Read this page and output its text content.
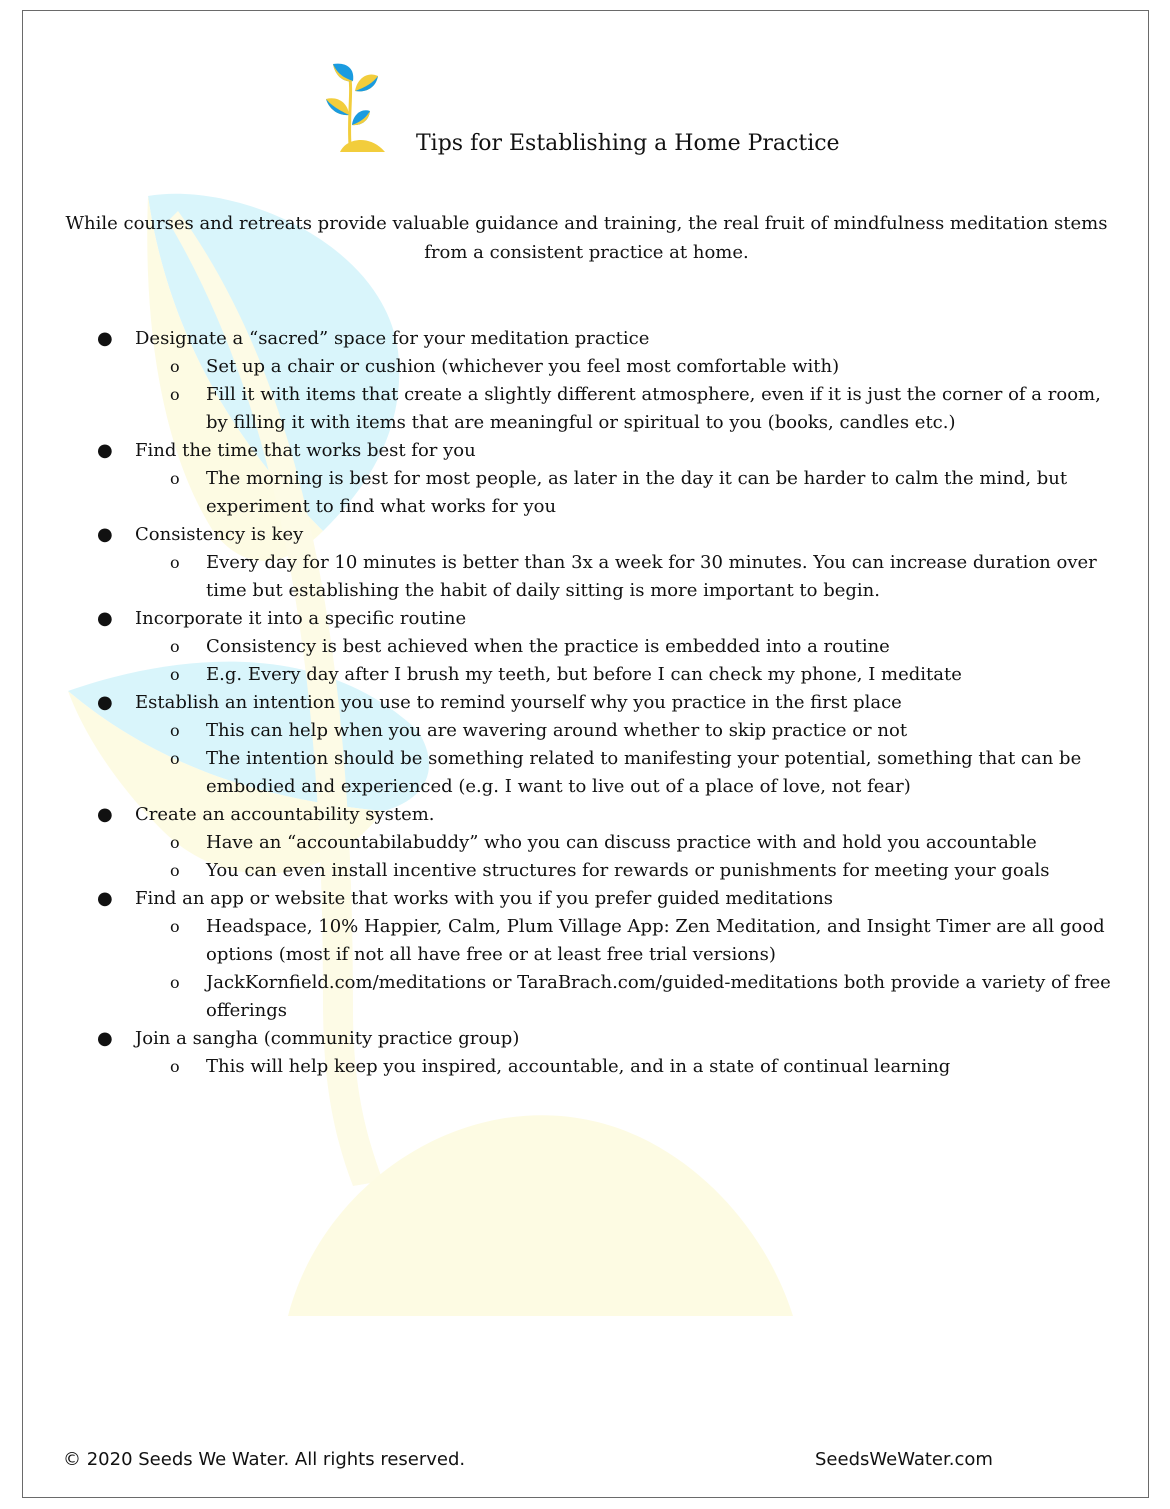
Tips for Establishing a Home Practice
While courses and retreats provide valuable guidance and training, the real fruit of mindfulness meditation stems from a consistent practice at home.
● Designate a “sacred” space for your meditation practice
o Set up a chair or cushion (whichever you feel most comfortable with)
o Fill it with items that create a slightly different atmosphere, even if it is just the corner of a room, by filling it with items that are meaningful or spiritual to you (books, candles etc.)
● Find the time that works best for you
o The morning is best for most people, as later in the day it can be harder to calm the mind, but experiment to find what works for you
● Consistency is key
o Every day for 10 minutes is better than 3x a week for 30 minutes. You can increase duration over time but establishing the habit of daily sitting is more important to begin.
● Incorporate it into a specific routine
o Consistency is best achieved when the practice is embedded into a routine
o E.g. Every day after I brush my teeth, but before I can check my phone, I meditate
● Establish an intention you use to remind yourself why you practice in the first place
o This can help when you are wavering around whether to skip practice or not
o The intention should be something related to manifesting your potential, something that can be embodied and experienced (e.g. I want to live out of a place of love, not fear)
● Create an accountability system.
o Have an “accountabilabuddy” who you can discuss practice with and hold you accountable
o You can even install incentive structures for rewards or punishments for meeting your goals
● Find an app or website that works with you if you prefer guided meditations
o Headspace, 10% Happier, Calm, Plum Village App: Zen Meditation, and Insight Timer are all good options (most if not all have free or at least free trial versions)
o JackKornfield.com/meditations or TaraBrach.com/guided-meditations both provide a variety of free offerings
● Join a sangha (community practice group)
o This will help keep you inspired, accountable, and in a state of continual learning
© 2020 Seeds We Water. All rights reserved.	SeedsWeWater.com
